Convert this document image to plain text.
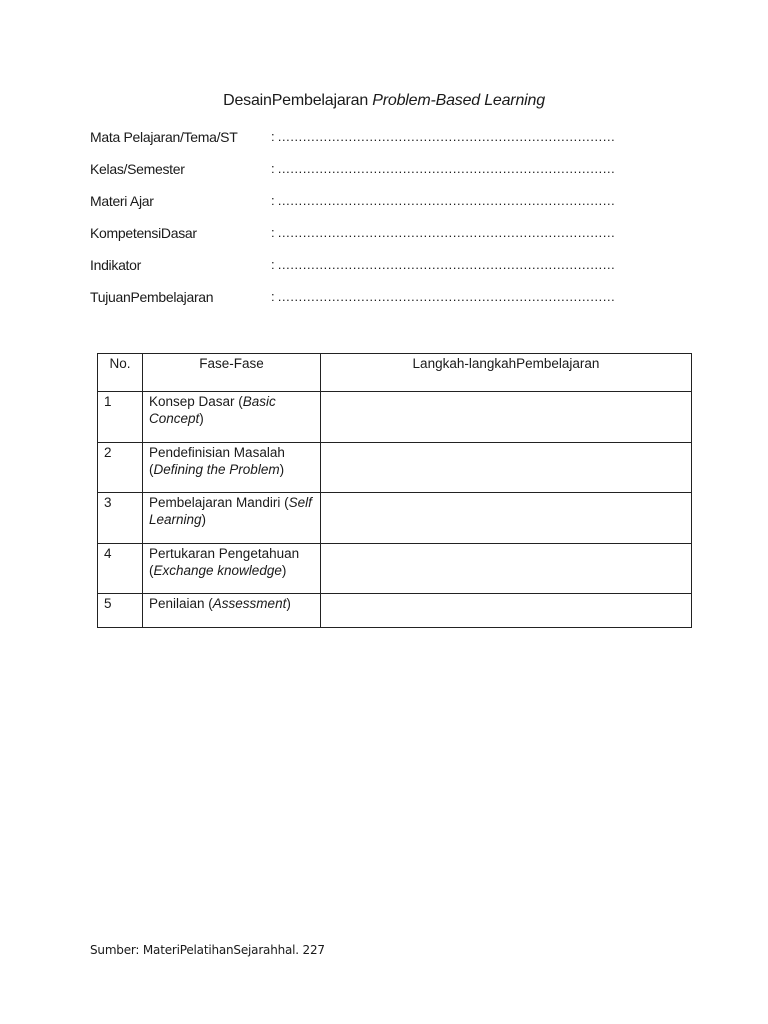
DesainPembelajaran Problem-Based Learning
Mata Pelajaran/Tema/ST	: ………………………………………………………………………
Kelas/Semester	: ………………………………………………………………………
Materi Ajar	: ………………………………………………………………………
KompetensiDasar	: ………………………………………………………………………
Indikator	: ………………………………………………………………………
TujuanPembelajaran	: ………………………………………………………………………
No.	Fase-Fase	Langkah-langkahPembelajaran

1	Konsep Dasar (Basic Concept)	

2	Pendefinisian Masalah (Defining the Problem)	

3	Pembelajaran Mandiri (Self Learning)	

4	Pertukaran Pengetahuan (Exchange knowledge)	

5	Penilaian (Assessment)	

Sumber: MateriPelatihanSejarahhal. 227
